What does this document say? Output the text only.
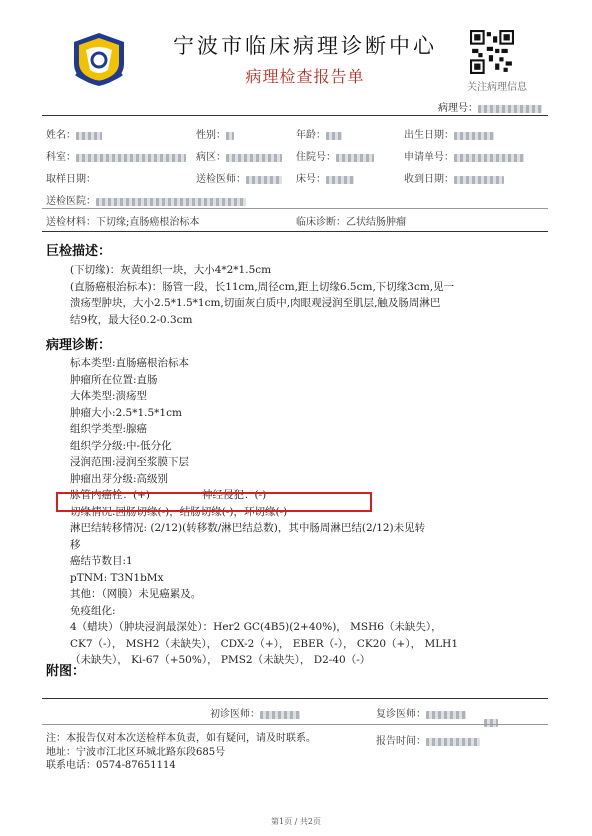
宁波市临床病理诊断中心
病理检查报告单
关注病理信息
病理号：
姓名：	性别：	年龄：	出生日期：
科室：	病区：	住院号：	申请单号：
取样日期：	送检医师：	床号：	收到日期：
送检医院：
送检材料：下切缘;直肠癌根治标本	临床诊断：乙状结肠肿瘤
巨检描述：
(下切缘)：灰黄组织一块，大小4*2*1.5cm
(直肠癌根治标本)：肠管一段，长11cm,周径cm,距上切缘6.5cm,下切缘3cm,见一
溃疡型肿块，大小2.5*1.5*1cm,切面灰白质中,肉眼观浸润至肌层,触及肠周淋巴
结9枚，最大径0.2-0.3cm
病理诊断：
标本类型:直肠癌根治标本
肿瘤所在位置:直肠
大体类型:溃疡型
肿瘤大小:2.5*1.5*1cm
组织学类型:腺癌
组织学分级:中-低分化
浸润范围:浸润至浆膜下层
肿瘤出芽分级:高级别
脉管内癌栓：(+)	神经侵犯：(-)
切缘情况:回肠切缘(-)，结肠切缘(-)，环切缘(-)
淋巴结转移情况: (2/12)(转移数/淋巴结总数)，其中肠周淋巴结(2/12)未见转
移
癌结节数目:1
pTNM: T3N1bMx
其他：（网膜）未见癌累及。
免疫组化:
4（蜡块）（肿块浸润最深处）：Her2 GC(4B5)(2+40%)， MSH6（未缺失），
CK7（-）， MSH2（未缺失）， CDX-2（+）， EBER（-）， CK20（+）， MLH1
（未缺失）， Ki-67（+50%）， PMS2（未缺失）， D2-40（-）
附图：
初诊医师：	复诊医师：
注：本报告仅对本次送检样本负责，如有疑问，请及时联系。
地址：宁波市江北区环城北路东段685号
联系电话：0574-87651114
报告时间：
第1页 / 共2页
